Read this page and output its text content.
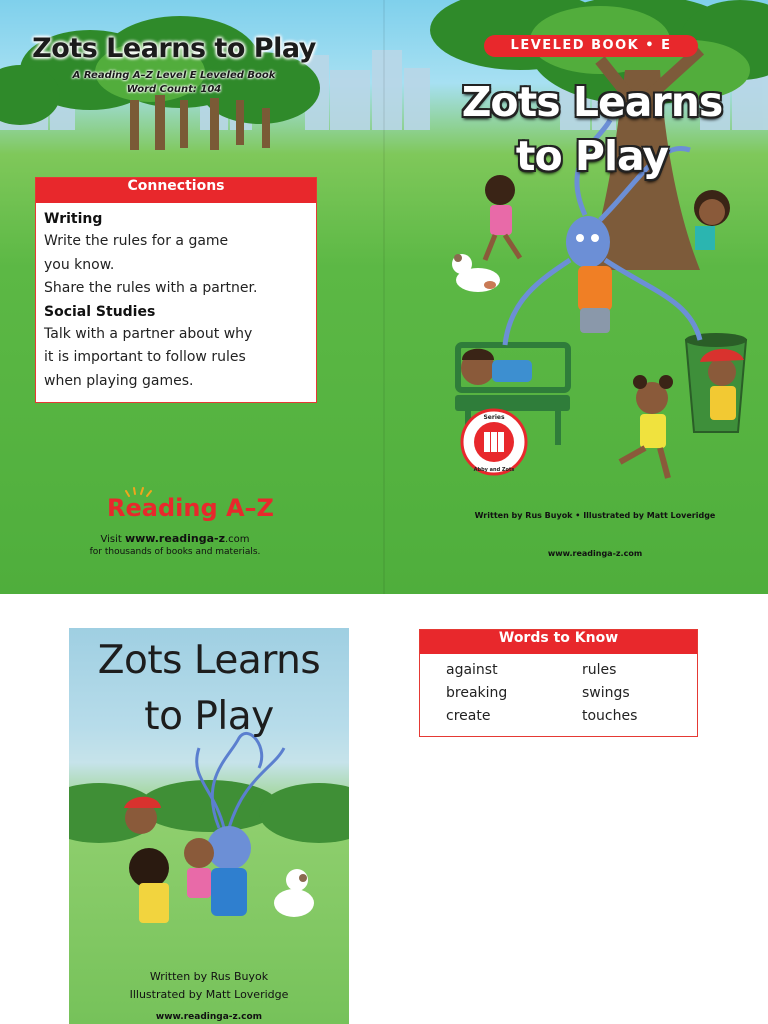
Zots Learns to Play
A Reading A–Z Level E Leveled Book
Word Count: 104
Connections
Writing
Write the rules for a game
you know.
Share the rules with a partner.
Social Studies
Talk with a partner about why
it is important to follow rules
when playing games.
Reading A–Z
Visit www.readinga-z.com
for thousands of books and materials.
LEVELED BOOK • E
Zots Learns
to Play
Series
Abby and Zots
Written by Rus Buyok • Illustrated by Matt Loveridge
www.readinga-z.com
Zots Learns
to Play
Written by Rus Buyok
Illustrated by Matt Loveridge
www.readinga-z.com
Words to Know
against
breaking
create
rules
swings
touches
